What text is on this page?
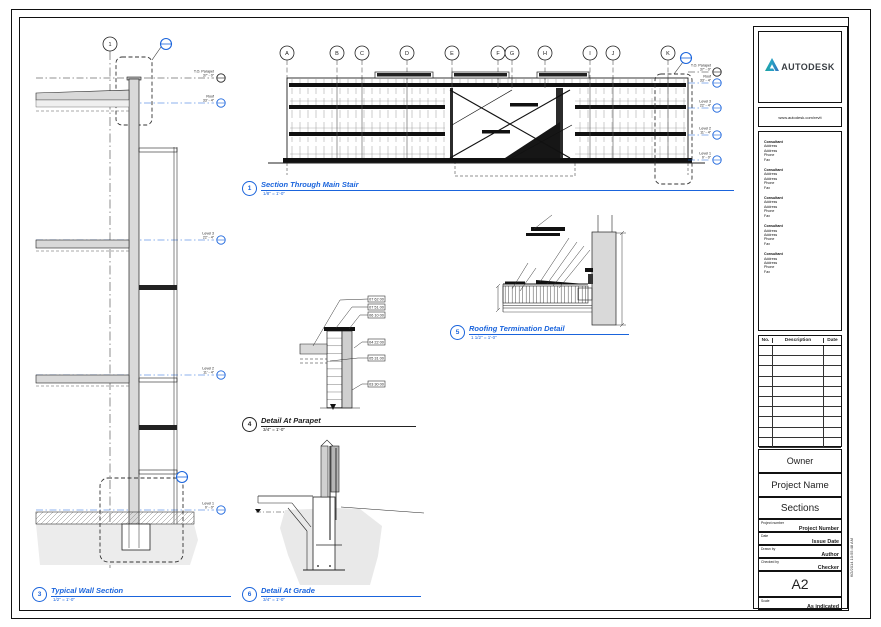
A	B	C	D	E	F G	H	I	J	K
T.O. Parapet
37' - 0"
Roof
33' - 4"
Level 3
22' - 4"
Level 2
11' - 4"
Level 1
0' - 0"
1
T.O. Parapet
37' - 0"
Roof
33' - 4"
Level 3
22' - 4"
Level 2
11' - 4"
Level 1
0' - 0"
07 62 00
07 51 00
06 10 00
04 22 00
05 31 00
03 30 00
1 Section Through Main Stair
1/8" = 1'-0"
3 Typical Wall Section
1/2" = 1'-0"
4 Detail At Parapet
3/4" = 1'-0"
5 Roofing Termination Detail
1 1/2" = 1'-0"
6 Detail At Grade
3/4" = 1'-0"
AUTODESK
www.autodesk.com/revit
Consultant
Address
Address
Phone
Fax
Consultant
Address
Address
Phone
Fax
Consultant
Address
Address
Phone
Fax
Consultant
Address
Address
Phone
Fax
Consultant
Address
Address
Phone
Fax
No.	Description	Date
Owner
Project Name
Sections
Project number
Project Number
Date
Issue Date
Drawn by
Author
Checked by
Checker
A2
Scale
As indicated
6/2/2014 10:55:48 AM
